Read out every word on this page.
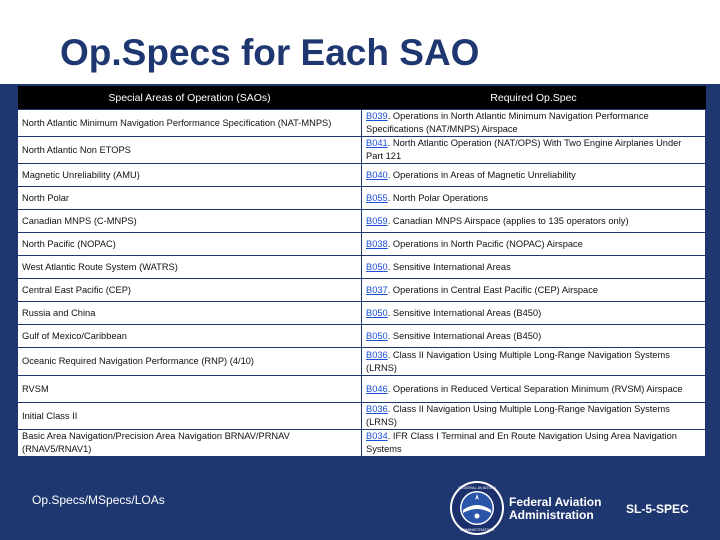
Op.Specs for Each SAO
Special Areas of Operation (SAOs)	Required Op.Spec
North Atlantic Minimum Navigation Performance Specification (NAT-MNPS)	B039. Operations in North Atlantic Minimum Navigation Performance Specifications (NAT/MNPS) Airspace
North Atlantic Non ETOPS	B041. North Atlantic Operation (NAT/OPS) With Two Engine Airplanes Under Part 121
Magnetic Unreliability (AMU)	B040. Operations in Areas of Magnetic Unreliability
North Polar	B055. North Polar Operations
Canadian MNPS (C-MNPS)	B059. Canadian MNPS Airspace (applies to 135 operators only)
North Pacific (NOPAC)	B038. Operations in North Pacific (NOPAC) Airspace
West Atlantic Route System (WATRS)	B050. Sensitive International Areas
Central East Pacific (CEP)	B037. Operations in Central East Pacific (CEP) Airspace
Russia and China	B050. Sensitive International Areas (B450)
Gulf of Mexico/Caribbean	B050. Sensitive International Areas (B450)
Oceanic Required Navigation Performance (RNP) (4/10)	B036. Class II Navigation Using Multiple Long-Range Navigation Systems (LRNS)
RVSM	B046. Operations in Reduced Vertical Separation Minimum (RVSM) Airspace
Initial Class II	B036. Class II Navigation Using Multiple Long-Range Navigation Systems (LRNS)
Basic Area Navigation/Precision Area Navigation BRNAV/PRNAV (RNAV5/RNAV1)	B034. IFR Class I Terminal and En Route Navigation Using Area Navigation Systems
Op.Specs/MSpecs/LOAs
FEDERAL AVIATION
ADMINISTRATION
Federal Aviation
Administration	SL-5-SPEC
